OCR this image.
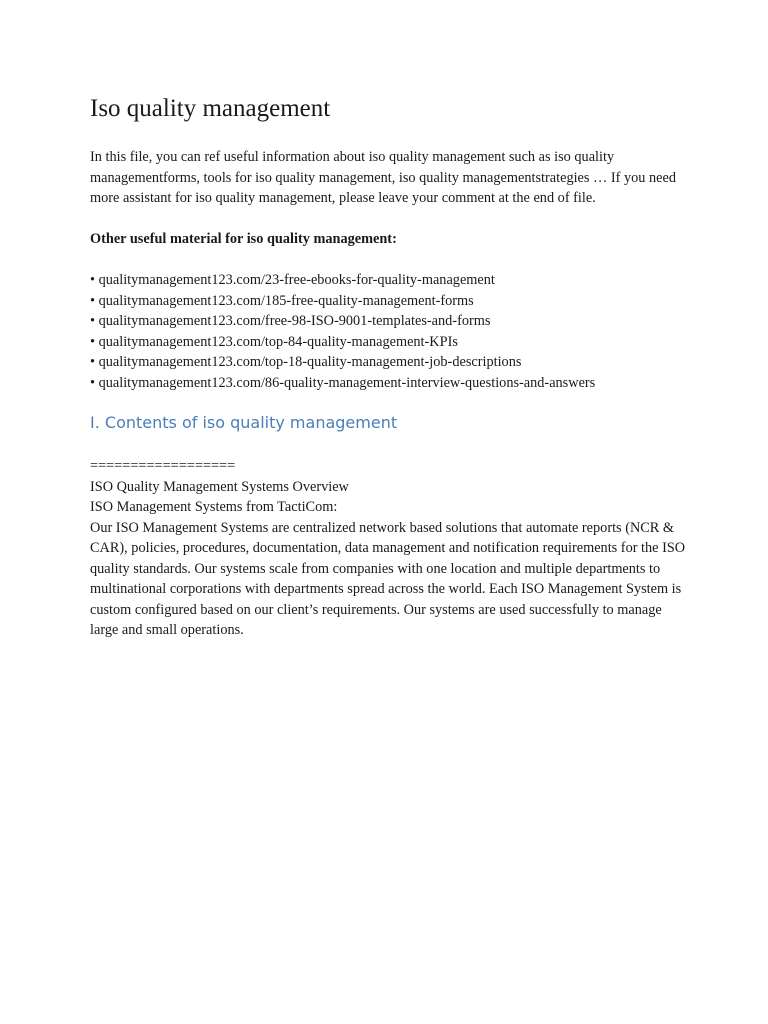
Iso quality management

In this file, you can ref useful information about iso quality management such as iso quality managementforms, tools for iso quality management, iso quality managementstrategies … If you need more assistant for iso quality management, please leave your comment at the end of file.

Other useful material for iso quality management:

• qualitymanagement123.com/23-free-ebooks-for-quality-management
• qualitymanagement123.com/185-free-quality-management-forms
• qualitymanagement123.com/free-98-ISO-9001-templates-and-forms
• qualitymanagement123.com/top-84-quality-management-KPIs
• qualitymanagement123.com/top-18-quality-management-job-descriptions
• qualitymanagement123.com/86-quality-management-interview-questions-and-answers
I. Contents of iso quality management

==================

ISO Quality Management Systems Overview

ISO Management Systems from TactiCom:

Our ISO Management Systems are centralized network based solutions that automate reports (NCR & CAR), policies, procedures, documentation, data management and notification requirements for the ISO quality standards. Our systems scale from companies with one location and multiple departments to multinational corporations with departments spread across the world. Each ISO Management System is custom configured based on our client’s requirements. Our systems are used successfully to manage large and small operations.
